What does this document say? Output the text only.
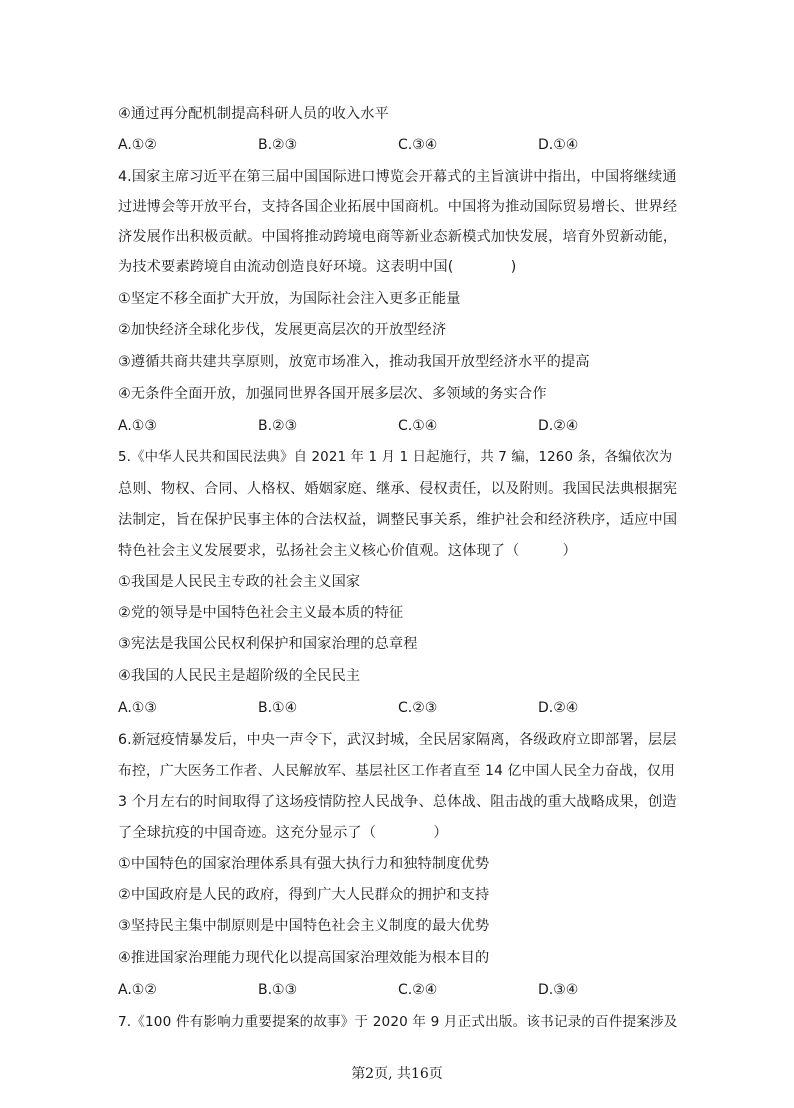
④通过再分配机制提高科研人员的收入水平
A.①②	B.②③	C.③④	D.①④
4.国家主席习近平在第三届中国国际进口博览会开幕式的主旨演讲中指出，中国将继续通
过进博会等开放平台，支持各国企业拓展中国商机。中国将为推动国际贸易增长、世界经
济发展作出积极贡献。中国将推动跨境电商等新业态新模式加快发展，培育外贸新动能，
为技术要素跨境自由流动创造良好环境。这表明中国(　　　　)
①坚定不移全面扩大开放，为国际社会注入更多正能量
②加快经济全球化步伐，发展更高层次的开放型经济
③遵循共商共建共享原则，放宽市场准入，推动我国开放型经济水平的提高
④无条件全面开放，加强同世界各国开展多层次、多领域的务实合作
A.①③	B.②③	C.①④	D.②④
5.《中华人民共和国民法典》自 2021 年 1 月 1 日起施行，共 7 编，1260 条，各编依次为
总则、物权、合同、人格权、婚姻家庭、继承、侵权责任，以及附则。我国民法典根据宪
法制定，旨在保护民事主体的合法权益，调整民事关系，维护社会和经济秩序，适应中国
特色社会主义发展要求，弘扬社会主义核心价值观。这体现了（　　　）
①我国是人民民主专政的社会主义国家
②党的领导是中国特色社会主义最本质的特征
③宪法是我国公民权利保护和国家治理的总章程
④我国的人民民主是超阶级的全民民主
A.①③	B.①④	C.②③	D.②④
6.新冠疫情暴发后，中央一声令下，武汉封城，全民居家隔离，各级政府立即部署，层层
布控，广大医务工作者、人民解放军、基层社区工作者直至 14 亿中国人民全力奋战，仅用
3 个月左右的时间取得了这场疫情防控人民战争、总体战、阻击战的重大战略成果，创造
了全球抗疫的中国奇迹。这充分显示了（　　　　）
①中国特色的国家治理体系具有强大执行力和独特制度优势
②中国政府是人民的政府，得到广大人民群众的拥护和支持
③坚持民主集中制原则是中国特色社会主义制度的最大优势
④推进国家治理能力现代化以提高国家治理效能为根本目的
A.①②	B.①③	C.②④	D.③④
7.《100 件有影响力重要提案的故事》于 2020 年 9 月正式出版。该书记录的百件提案涉及
第2页, 共16页
